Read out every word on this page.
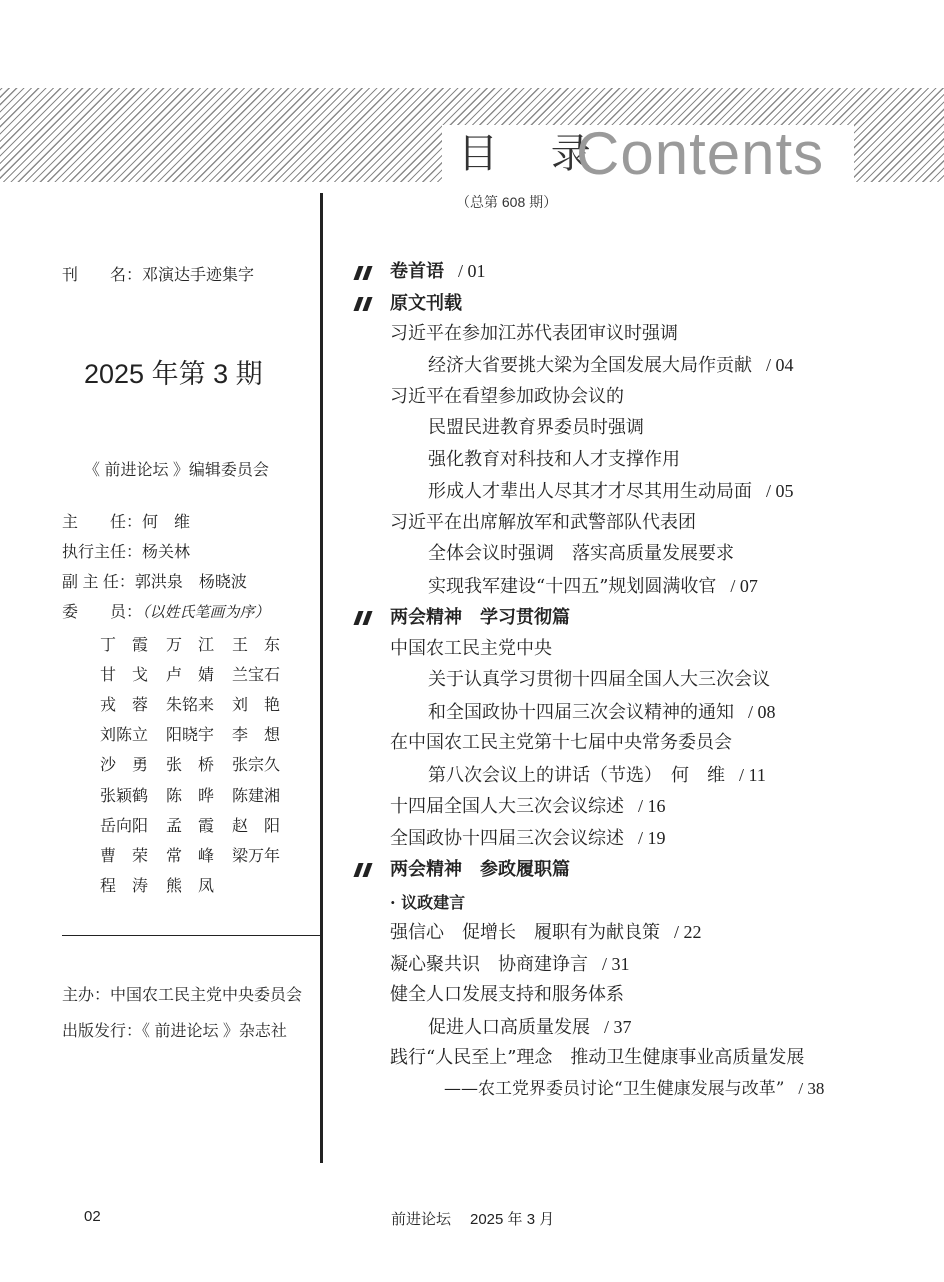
目 录
Contents
（总第 608 期）
刊　　名：邓演达手迹集字
2025 年第 3 期
《 前进论坛 》编辑委员会
主　　任：何　维
执行主任：杨关林
副 主 任：郭洪泉　杨晓波
委　　员：（以姓氏笔画为序）
丁　霞	万　江	王　东
甘　戈	卢　婧	兰宝石
戎　蓉	朱铭来	刘　艳
刘陈立	阳晓宇	李　想
沙　勇	张　桥	张宗久
张颖鹤	陈　晔	陈建湘
岳向阳	孟　霞	赵　阳
曹　荣	常　峰	梁万年
程　涛	熊　凤
主办：中国农工民主党中央委员会
出版发行：《 前进论坛 》杂志社
卷首语 / 01
原文刊载
习近平在参加江苏代表团审议时强调
经济大省要挑大梁为全国发展大局作贡献 / 04
习近平在看望参加政协会议的
民盟民进教育界委员时强调
强化教育对科技和人才支撑作用
形成人才辈出人尽其才才尽其用生动局面 / 05
习近平在出席解放军和武警部队代表团
全体会议时强调　落实高质量发展要求
实现我军建设“十四五”规划圆满收官 / 07
两会精神　学习贯彻篇
中国农工民主党中央
关于认真学习贯彻十四届全国人大三次会议
和全国政协十四届三次会议精神的通知 / 08
在中国农工民主党第十七届中央常务委员会
第八次会议上的讲话（节选）　何　维 / 11
十四届全国人大三次会议综述 / 16
全国政协十四届三次会议综述 / 19
两会精神　参政履职篇
· 议政建言
强信心　促增长　履职有为献良策 / 22
凝心聚共识　协商建诤言 / 31
健全人口发展支持和服务体系
促进人口高质量发展 / 37
践行“人民至上”理念　推动卫生健康事业高质量发展
——农工党界委员讨论“卫生健康发展与改革” / 38
02	前进论坛 2025 年 3 月
